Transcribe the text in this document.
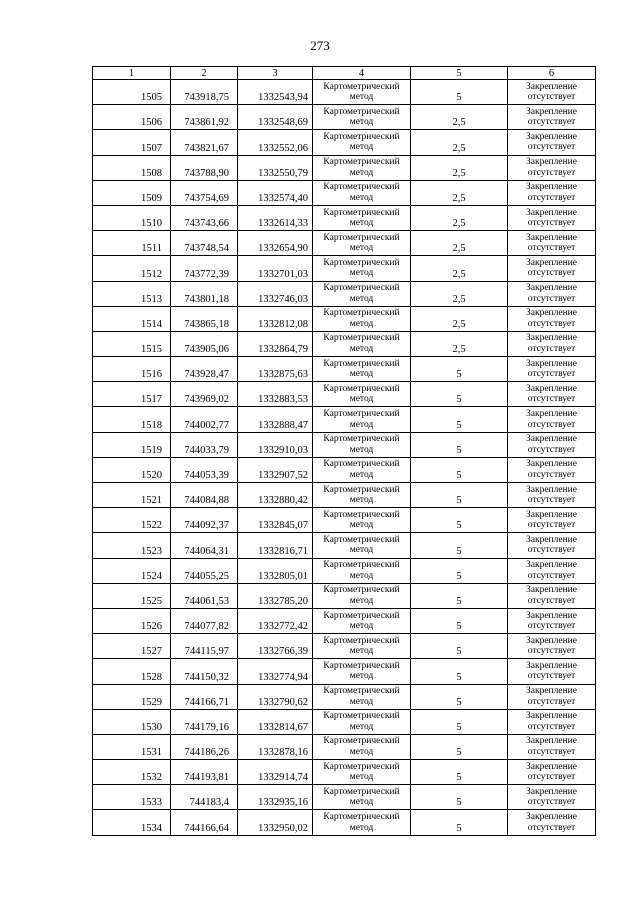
273
1	2	3	4	5	6
1505	743918,75	1332543,94	Картометрический метод	5	Закрепление отсутствует
1506	743861,92	1332548,69	Картометрический метод	2,5	Закрепление отсутствует
1507	743821,67	1332552,06	Картометрический метод	2,5	Закрепление отсутствует
1508	743788,90	1332550,79	Картометрический метод	2,5	Закрепление отсутствует
1509	743754,69	1332574,40	Картометрический метод	2,5	Закрепление отсутствует
1510	743743,66	1332614,33	Картометрический метод	2,5	Закрепление отсутствует
1511	743748,54	1332654,90	Картометрический метод	2,5	Закрепление отсутствует
1512	743772,39	1332701,03	Картометрический метод	2,5	Закрепление отсутствует
1513	743801,18	1332746,03	Картометрический метод	2,5	Закрепление отсутствует
1514	743865,18	1332812,08	Картометрический метод	2,5	Закрепление отсутствует
1515	743905,06	1332864,79	Картометрический метод	2,5	Закрепление отсутствует
1516	743928,47	1332875,63	Картометрический метод	5	Закрепление отсутствует
1517	743969,02	1332883,53	Картометрический метод	5	Закрепление отсутствует
1518	744002,77	1332888,47	Картометрический метод	5	Закрепление отсутствует
1519	744033,79	1332910,03	Картометрический метод	5	Закрепление отсутствует
1520	744053,39	1332907,52	Картометрический метод	5	Закрепление отсутствует
1521	744084,88	1332880,42	Картометрический метод	5	Закрепление отсутствует
1522	744092,37	1332845,07	Картометрический метод	5	Закрепление отсутствует
1523	744064,31	1332816,71	Картометрический метод	5	Закрепление отсутствует
1524	744055,25	1332805,01	Картометрический метод	5	Закрепление отсутствует
1525	744061,53	1332785,20	Картометрический метод	5	Закрепление отсутствует
1526	744077,82	1332772,42	Картометрический метод	5	Закрепление отсутствует
1527	744115,97	1332766,39	Картометрический метод	5	Закрепление отсутствует
1528	744150,32	1332774,94	Картометрический метод	5	Закрепление отсутствует
1529	744166,71	1332790,62	Картометрический метод	5	Закрепление отсутствует
1530	744179,16	1332814,67	Картометрический метод	5	Закрепление отсутствует
1531	744186,26	1332878,16	Картометрический метод	5	Закрепление отсутствует
1532	744193,81	1332914,74	Картометрический метод	5	Закрепление отсутствует
1533	744183,4	1332935,16	Картометрический метод	5	Закрепление отсутствует
1534	744166,64	1332950,02	Картометрический метод	5	Закрепление отсутствует
